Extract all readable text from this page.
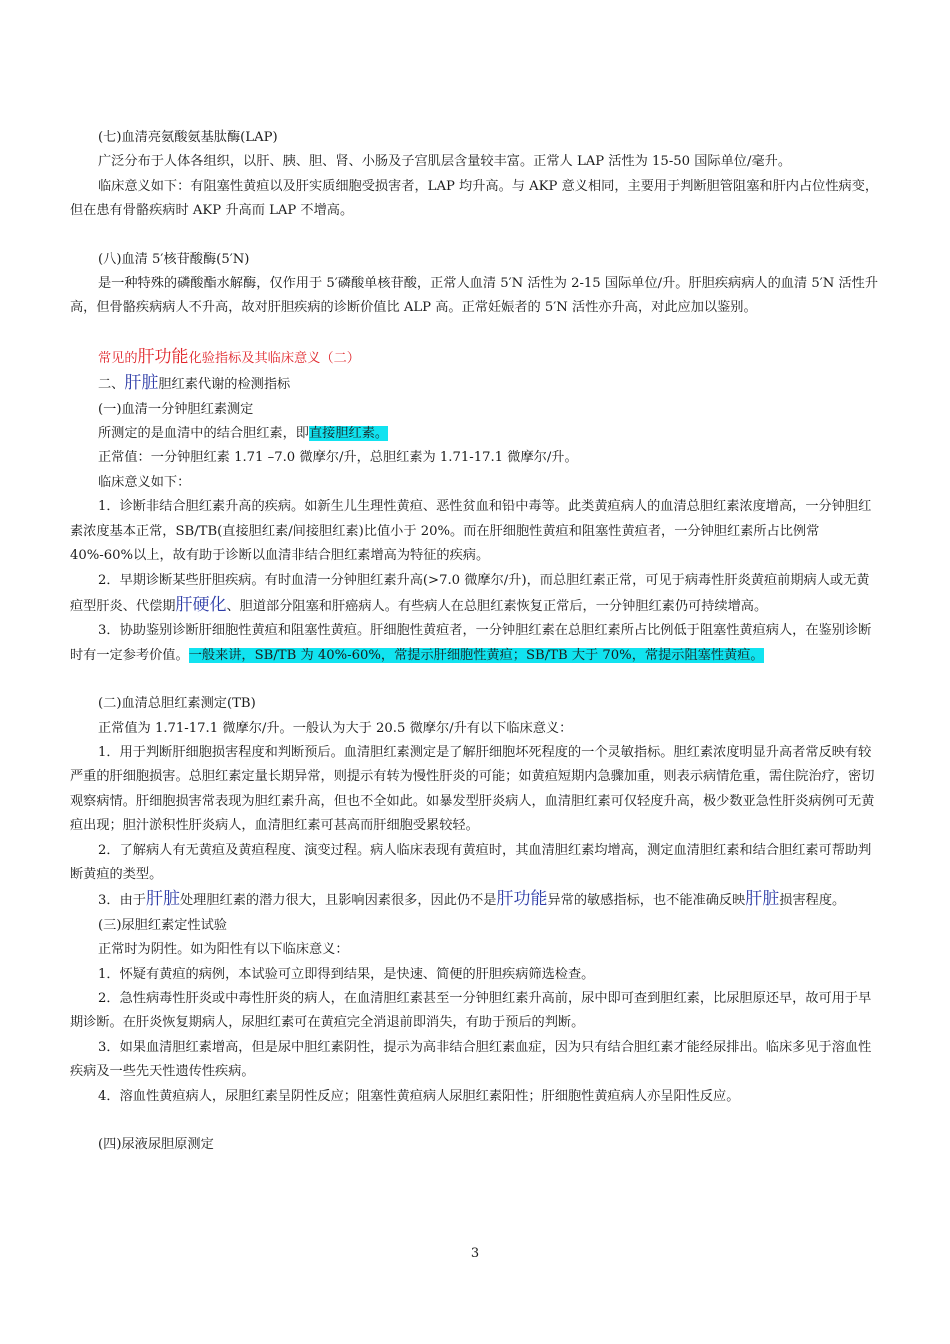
(七)血清亮氨酸氨基肽酶(LAP)

广泛分布于人体各组织，以肝、胰、胆、肾、小肠及子宫肌层含量较丰富。正常人 LAP 活性为 15-50 国际单位/毫升。

临床意义如下：有阻塞性黄疸以及肝实质细胞受损害者，LAP 均升高。与 AKP 意义相同，主要用于判断胆管阻塞和肝内占位性病变，但在患有骨骼疾病时 AKP 升高而 LAP 不增高。

(八)血清 5′核苷酸酶(5′N)

是一种特殊的磷酸酯水解酶，仅作用于 5′磷酸单核苷酸，正常人血清 5′N 活性为 2-15 国际单位/升。肝胆疾病病人的血清 5′N 活性升高，但骨骼疾病病人不升高，故对肝胆疾病的诊断价值比 ALP 高。正常妊娠者的 5′N 活性亦升高，对此应加以鉴别。

常见的肝功能化验指标及其临床意义（二）

二、肝脏胆红素代谢的检测指标

(一)血清一分钟胆红素测定

所测定的是血清中的结合胆红素，即直接胆红素。

正常值：一分钟胆红素 1.71 –7.0 微摩尔/升，总胆红素为 1.71-17.1 微摩尔/升。

临床意义如下：

1．诊断非结合胆红素升高的疾病。如新生儿生理性黄疸、恶性贫血和铅中毒等。此类黄疸病人的血清总胆红素浓度增高，一分钟胆红素浓度基本正常，SB/TB(直接胆红素/间接胆红素)比值小于 20%。而在肝细胞性黄疸和阻塞性黄疸者，一分钟胆红素所占比例常 40%-60%以上，故有助于诊断以血清非结合胆红素增高为特征的疾病。

2．早期诊断某些肝胆疾病。有时血清一分钟胆红素升高(>7.0 微摩尔/升)，而总胆红素正常，可见于病毒性肝炎黄疸前期病人或无黄疸型肝炎、代偿期肝硬化、胆道部分阻塞和肝癌病人。有些病人在总胆红素恢复正常后，一分钟胆红素仍可持续增高。

3．协助鉴别诊断肝细胞性黄疸和阻塞性黄疸。肝细胞性黄疸者，一分钟胆红素在总胆红素所占比例低于阻塞性黄疸病人，在鉴别诊断时有一定参考价值。一般来讲，SB/TB 为 40%-60%，常提示肝细胞性黄疸；SB/TB 大于 70%，常提示阻塞性黄疸。

(二)血清总胆红素测定(TB)

正常值为 1.71-17.1 微摩尔/升。一般认为大于 20.5 微摩尔/升有以下临床意义：

1．用于判断肝细胞损害程度和判断预后。血清胆红素测定是了解肝细胞坏死程度的一个灵敏指标。胆红素浓度明显升高者常反映有较严重的肝细胞损害。总胆红素定量长期异常，则提示有转为慢性肝炎的可能；如黄疸短期内急骤加重，则表示病情危重，需住院治疗，密切观察病情。肝细胞损害常表现为胆红素升高，但也不全如此。如暴发型肝炎病人，血清胆红素可仅轻度升高，极少数亚急性肝炎病例可无黄疸出现；胆汁淤积性肝炎病人，血清胆红素可甚高而肝细胞受累较轻。

2．了解病人有无黄疸及黄疸程度、演变过程。病人临床表现有黄疸时，其血清胆红素均增高，测定血清胆红素和结合胆红素可帮助判断黄疸的类型。

3．由于肝脏处理胆红素的潜力很大，且影响因素很多，因此仍不是肝功能异常的敏感指标，也不能准确反映肝脏损害程度。

(三)尿胆红素定性试验

正常时为阴性。如为阳性有以下临床意义：

1．怀疑有黄疸的病例，本试验可立即得到结果，是快速、简便的肝胆疾病筛选检查。

2．急性病毒性肝炎或中毒性肝炎的病人，在血清胆红素甚至一分钟胆红素升高前，尿中即可查到胆红素，比尿胆原还早，故可用于早期诊断。在肝炎恢复期病人，尿胆红素可在黄疸完全消退前即消失，有助于预后的判断。

3．如果血清胆红素增高，但是尿中胆红素阴性，提示为高非结合胆红素血症，因为只有结合胆红素才能经尿排出。临床多见于溶血性疾病及一些先天性遗传性疾病。

4．溶血性黄疸病人，尿胆红素呈阴性反应；阻塞性黄疸病人尿胆红素阳性；肝细胞性黄疸病人亦呈阳性反应。

(四)尿液尿胆原测定

3
